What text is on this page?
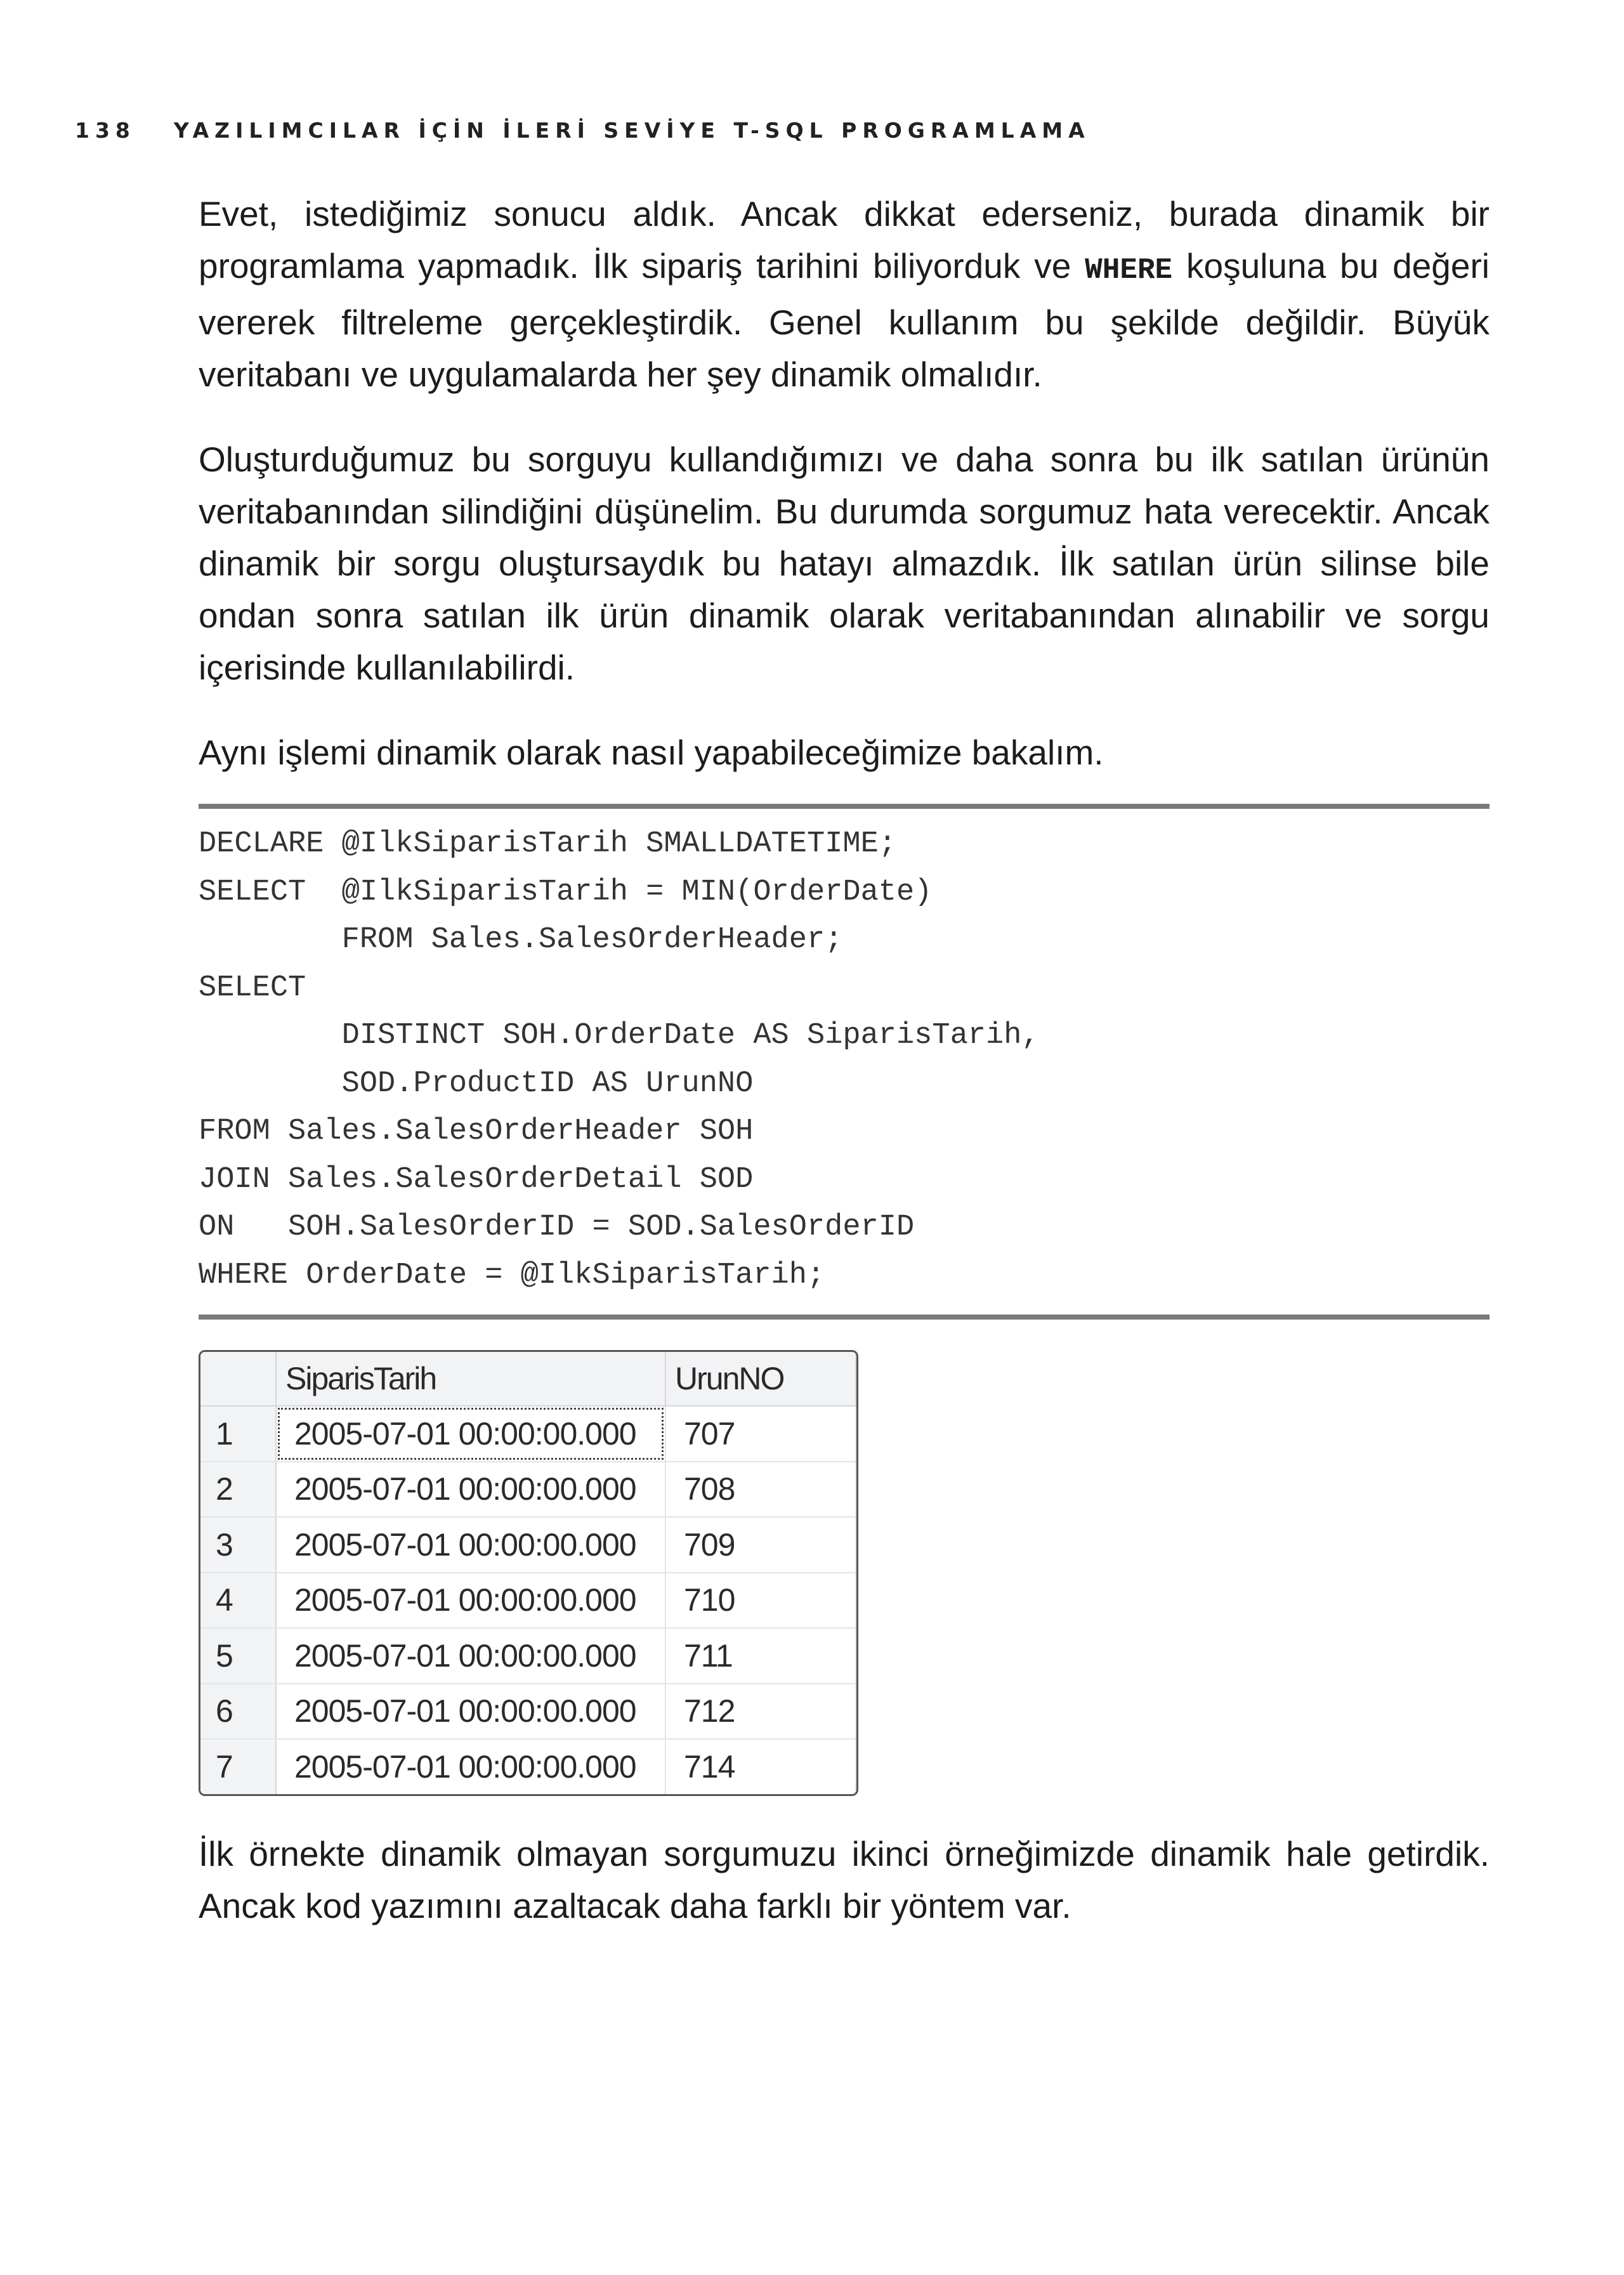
138 YAZILIMCILAR İÇİN İLERİ SEVİYE T-SQL PROGRAMLAMA

Evet, istediğimiz sonucu aldık. Ancak dikkat ederseniz, burada dinamik bir programlama yapmadık. İlk sipariş tarihini biliyorduk ve WHERE koşuluna bu değeri vererek filtreleme gerçekleştirdik. Genel kullanım bu şekilde değildir. Büyük veritabanı ve uygulamalarda her şey dinamik olmalıdır.

Oluşturduğumuz bu sorguyu kullandığımızı ve daha sonra bu ilk satılan ürünün veritabanından silindiğini düşünelim. Bu durumda sorgumuz hata verecektir. Ancak dinamik bir sorgu oluştursaydık bu hatayı almazdık. İlk satılan ürün silinse bile ondan sonra satılan ilk ürün dinamik olarak veritabanından alınabilir ve sorgu içerisinde kullanılabilirdi.

Aynı işlemi dinamik olarak nasıl yapabileceğimize bakalım.

DECLARE @IlkSiparisTarih SMALLDATETIME;
SELECT  @IlkSiparisTarih = MIN(OrderDate)
FROM Sales.SalesOrderHeader;
SELECT
DISTINCT SOH.OrderDate AS SiparisTarih,
SOD.ProductID AS UrunNO
FROM Sales.SalesOrderHeader SOH
JOIN Sales.SalesOrderDetail SOD
ON   SOH.SalesOrderID = SOD.SalesOrderID
WHERE OrderDate = @IlkSiparisTarih;
	SiparisTarih	UrunNO
1	2005-07-01 00:00:00.000	707
2	2005-07-01 00:00:00.000	708
3	2005-07-01 00:00:00.000	709
4	2005-07-01 00:00:00.000	710
5	2005-07-01 00:00:00.000	711
6	2005-07-01 00:00:00.000	712
7	2005-07-01 00:00:00.000	714

İlk örnekte dinamik olmayan sorgumuzu ikinci örneğimizde dinamik hale getirdik. Ancak kod yazımını azaltacak daha farklı bir yöntem var.
